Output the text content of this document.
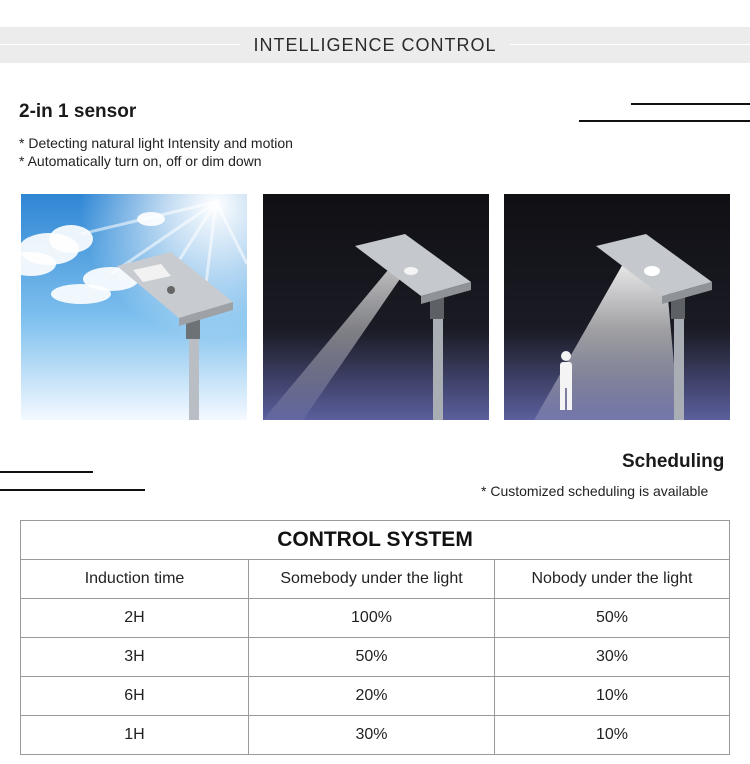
INTELLIGENCE CONTROL
2-in 1 sensor
* Detecting natural light Intensity and motion
* Automatically turn on, off or dim down
Scheduling
* Customized scheduling is available
CONTROL SYSTEM		
Induction time	Somebody under the light	Nobody under the light
2H	100%	50%
3H	50%	30%
6H	20%	10%
1H	30%	10%
